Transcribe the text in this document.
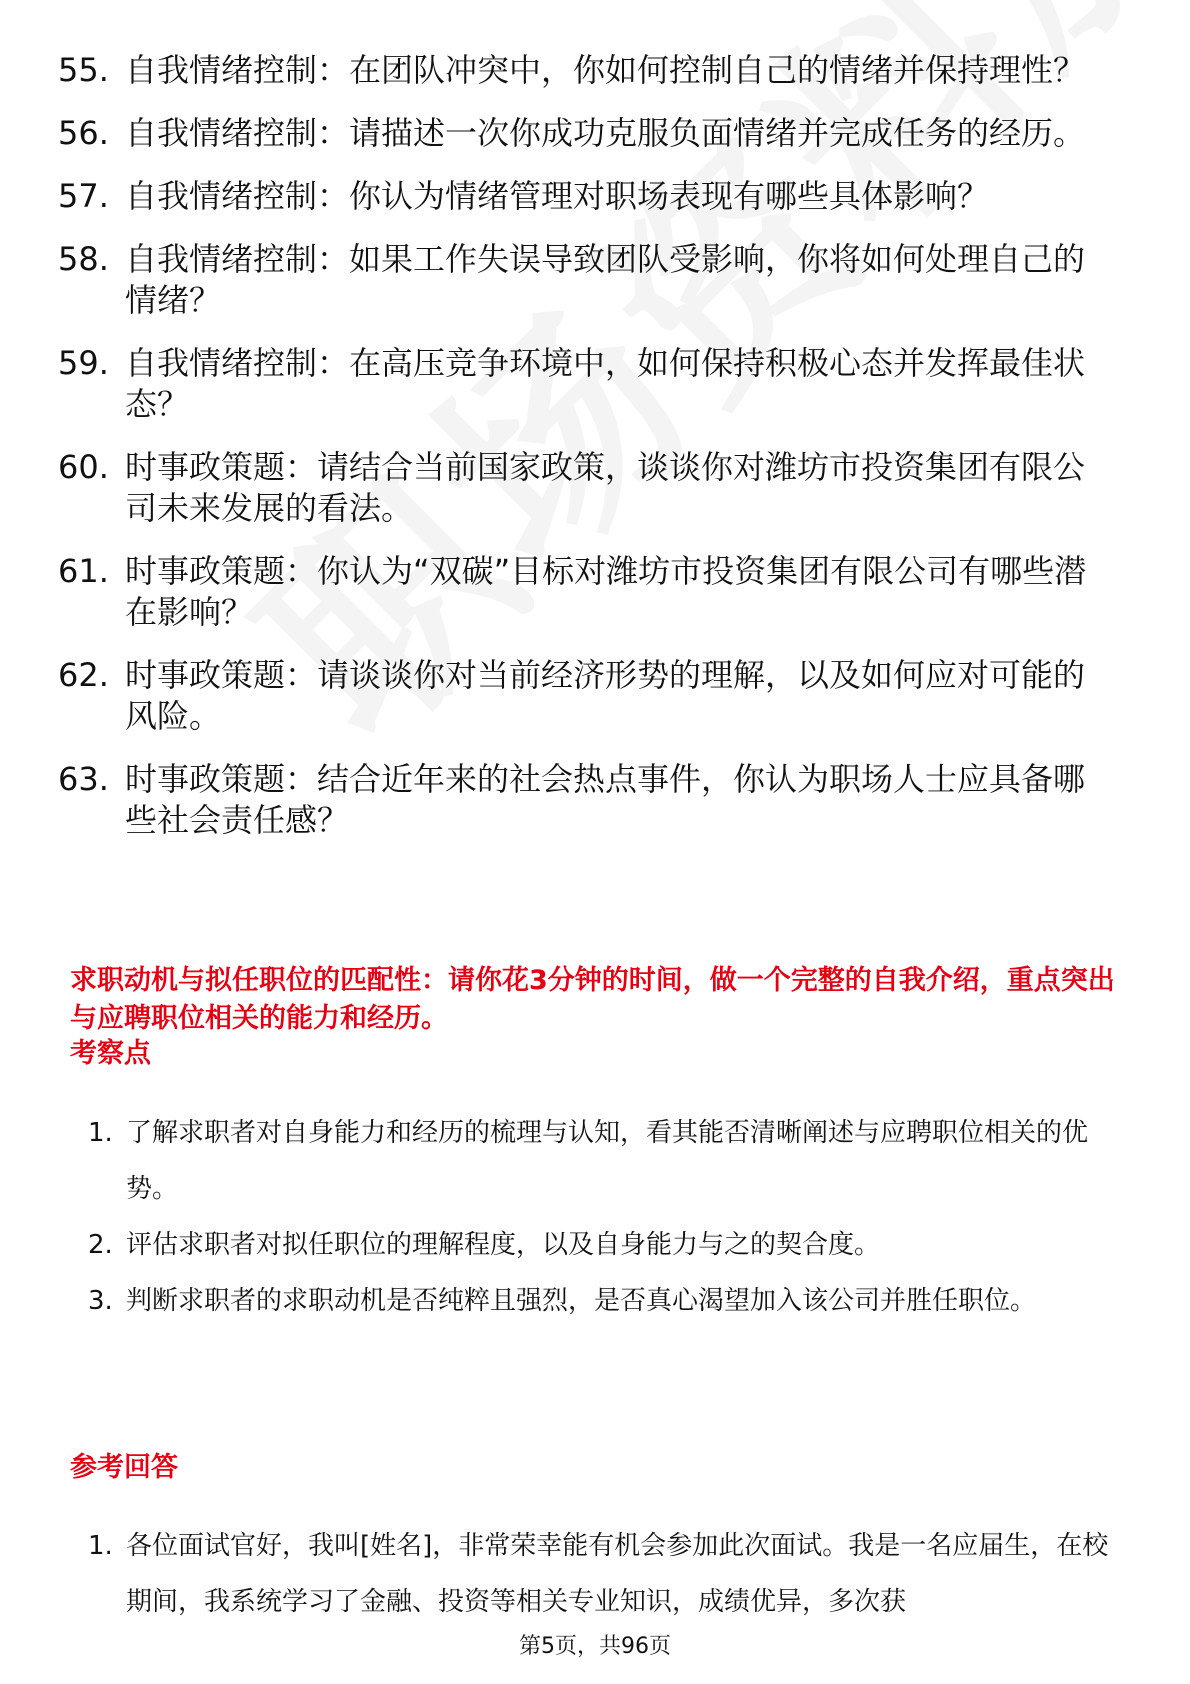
55. 自我情绪控制：在团队冲突中，你如何控制自己的情绪并保持理性？
56. 自我情绪控制：请描述一次你成功克服负面情绪并完成任务的经历。
57. 自我情绪控制：你认为情绪管理对职场表现有哪些具体影响？
58. 自我情绪控制：如果工作失误导致团队受影响，你将如何处理自己的情绪？
59. 自我情绪控制：在高压竞争环境中，如何保持积极心态并发挥最佳状态？
60. 时事政策题：请结合当前国家政策，谈谈你对潍坊市投资集团有限公司未来发展的看法。
61. 时事政策题：你认为“双碳”目标对潍坊市投资集团有限公司有哪些潜在影响？
62. 时事政策题：请谈谈你对当前经济形势的理解，以及如何应对可能的风险。
63. 时事政策题：结合近年来的社会热点事件，你认为职场人士应具备哪些社会责任感？
求职动机与拟任职位的匹配性：请你花3分钟的时间，做一个完整的自我介绍，重点突出与应聘职位相关的能力和经历。
考察点
1. 了解求职者对自身能力和经历的梳理与认知，看其能否清晰阐述与应聘职位相关的优势。
2. 评估求职者对拟任职位的理解程度，以及自身能力与之的契合度。
3. 判断求职者的求职动机是否纯粹且强烈，是否真心渴望加入该公司并胜任职位。
参考回答
1. 各位面试官好，我叫[姓名]，非常荣幸能有机会参加此次面试。我是一名应届生，在校期间，我系统学习了金融、投资等相关专业知识，成绩优异，多次获
第5页，共96页
